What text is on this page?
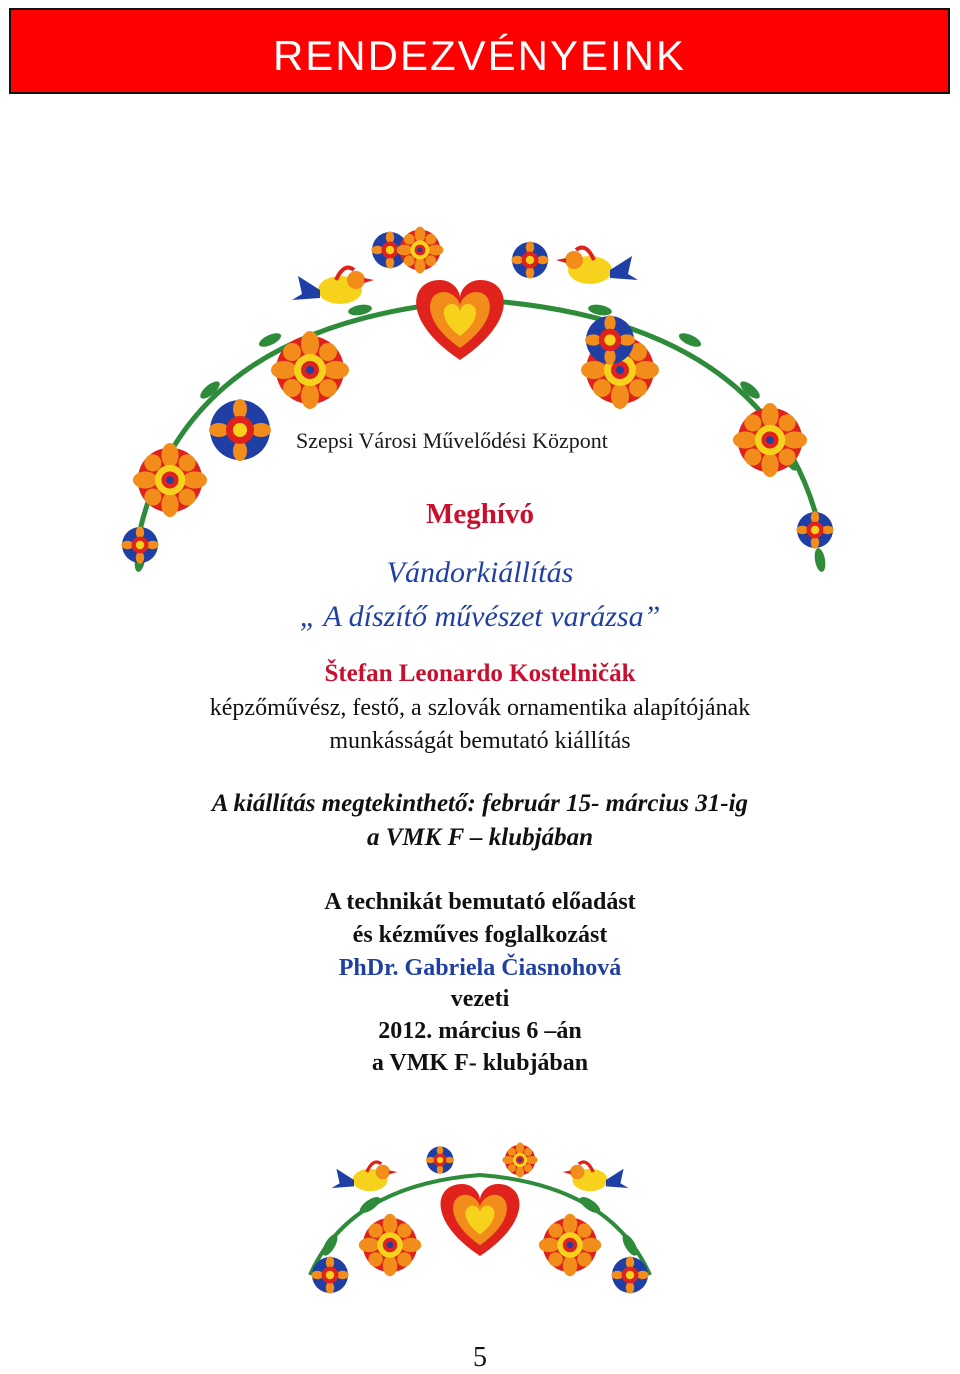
RENDEZVÉNYEINK
Szepsi Városi Művelődési Központ
Meghívó
Vándorkiállítás
„ A díszítő művészet varázsa”
Štefan Leonardo Kostelničák
képzőművész, festő, a szlovák ornamentika alapítójának
munkásságát bemutató kiállítás
A kiállítás megtekinthető: február 15- március 31-ig
a VMK F – klubjában
A technikát bemutató előadást
és kézműves foglalkozást
PhDr. Gabriela Čiasnohová
vezeti
2012. március 6 –án
a VMK F- klubjában
5
